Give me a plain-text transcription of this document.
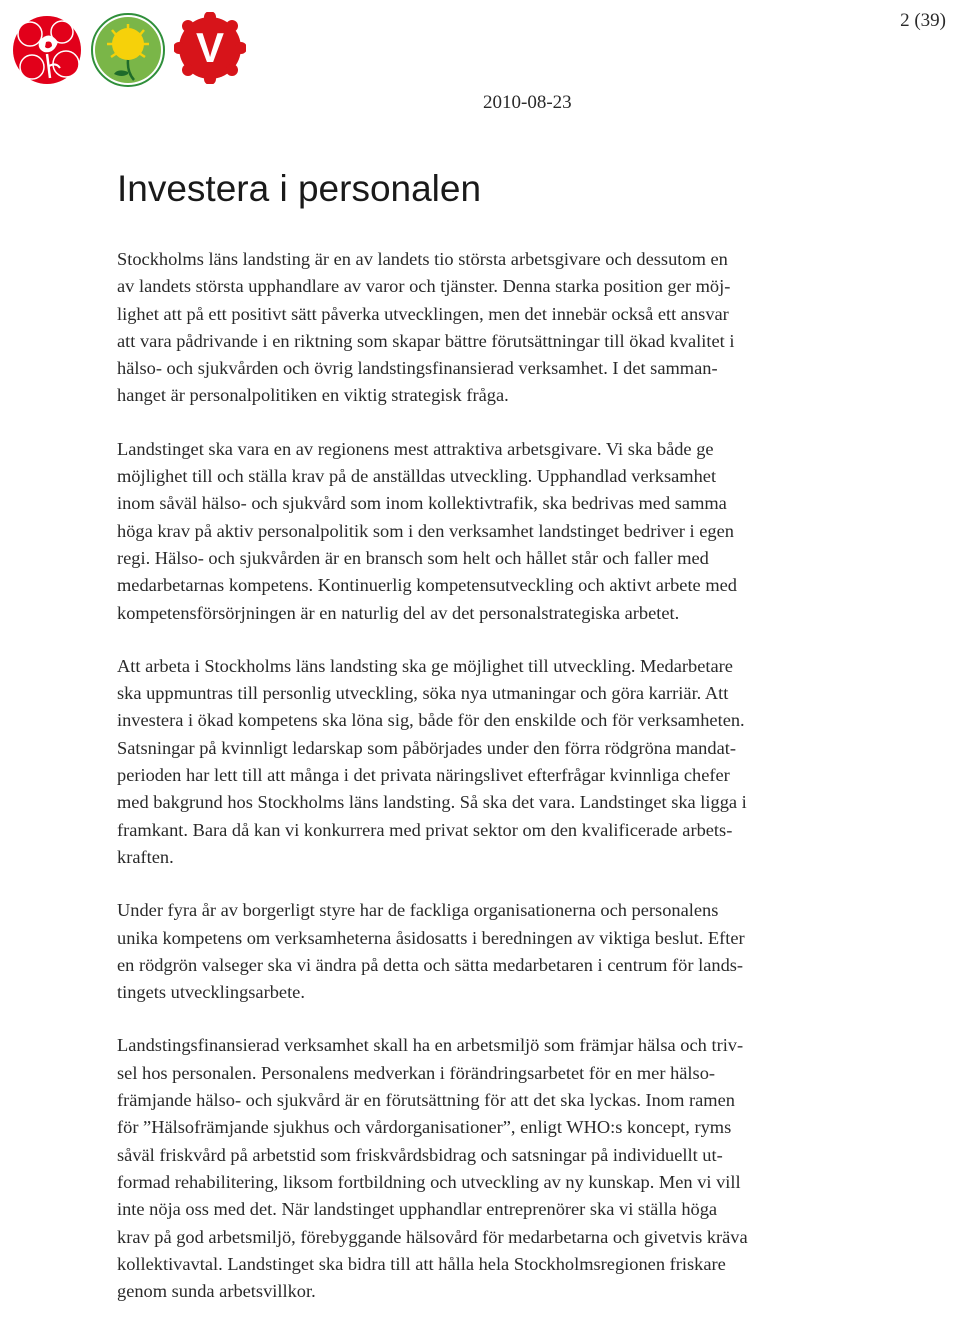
V
2 (39)
2010-08-23
Investera i personalen

Stockholms läns landsting är en av landets tio största arbetsgivare och dessutom en
av landets största upphandlare av varor och tjänster. Denna starka position ger möj-
lighet att på ett positivt sätt påverka utvecklingen, men det innebär också ett ansvar
att vara pådrivande i en riktning som skapar bättre förutsättningar till ökad kvalitet i
hälso- och sjukvården och övrig landstingsfinansierad verksamhet. I det samman-
hanget är personalpolitiken en viktig strategisk fråga.

Landstinget ska vara en av regionens mest attraktiva arbetsgivare. Vi ska både ge
möjlighet till och ställa krav på de anställdas utveckling. Upphandlad verksamhet
inom såväl hälso- och sjukvård som inom kollektivtrafik, ska bedrivas med samma
höga krav på aktiv personalpolitik som i den verksamhet landstinget bedriver i egen
regi. Hälso- och sjukvården är en bransch som helt och hållet står och faller med
medarbetarnas kompetens. Kontinuerlig kompetensutveckling och aktivt arbete med
kompetensförsörjningen är en naturlig del av det personalstrategiska arbetet.

Att arbeta i Stockholms läns landsting ska ge möjlighet till utveckling. Medarbetare
ska uppmuntras till personlig utveckling, söka nya utmaningar och göra karriär. Att
investera i ökad kompetens ska löna sig, både för den enskilde och för verksamheten.
Satsningar på kvinnligt ledarskap som påbörjades under den förra rödgröna mandat-
perioden har lett till att många i det privata näringslivet efterfrågar kvinnliga chefer
med bakgrund hos Stockholms läns landsting. Så ska det vara. Landstinget ska ligga i
framkant. Bara då kan vi konkurrera med privat sektor om den kvalificerade arbets-
kraften.

Under fyra år av borgerligt styre har de fackliga organisationerna och personalens
unika kompetens om verksamheterna åsidosatts i beredningen av viktiga beslut. Efter
en rödgrön valseger ska vi ändra på detta och sätta medarbetaren i centrum för lands-
tingets utvecklingsarbete.

Landstingsfinansierad verksamhet skall ha en arbetsmiljö som främjar hälsa och triv-
sel hos personalen. Personalens medverkan i förändringsarbetet för en mer hälso-
främjande hälso- och sjukvård är en förutsättning för att det ska lyckas. Inom ramen
för ”Hälsofrämjande sjukhus och vårdorganisationer”, enligt WHO:s koncept, ryms
såväl friskvård på arbetstid som friskvårdsbidrag och satsningar på individuellt ut-
formad rehabilitering, liksom fortbildning och utveckling av ny kunskap. Men vi vill
inte nöja oss med det. När landstinget upphandlar entreprenörer ska vi ställa höga
krav på god arbetsmiljö, förebyggande hälsovård för medarbetarna och givetvis kräva
kollektivavtal. Landstinget ska bidra till att hålla hela Stockholmsregionen friskare
genom sunda arbetsvillkor.
